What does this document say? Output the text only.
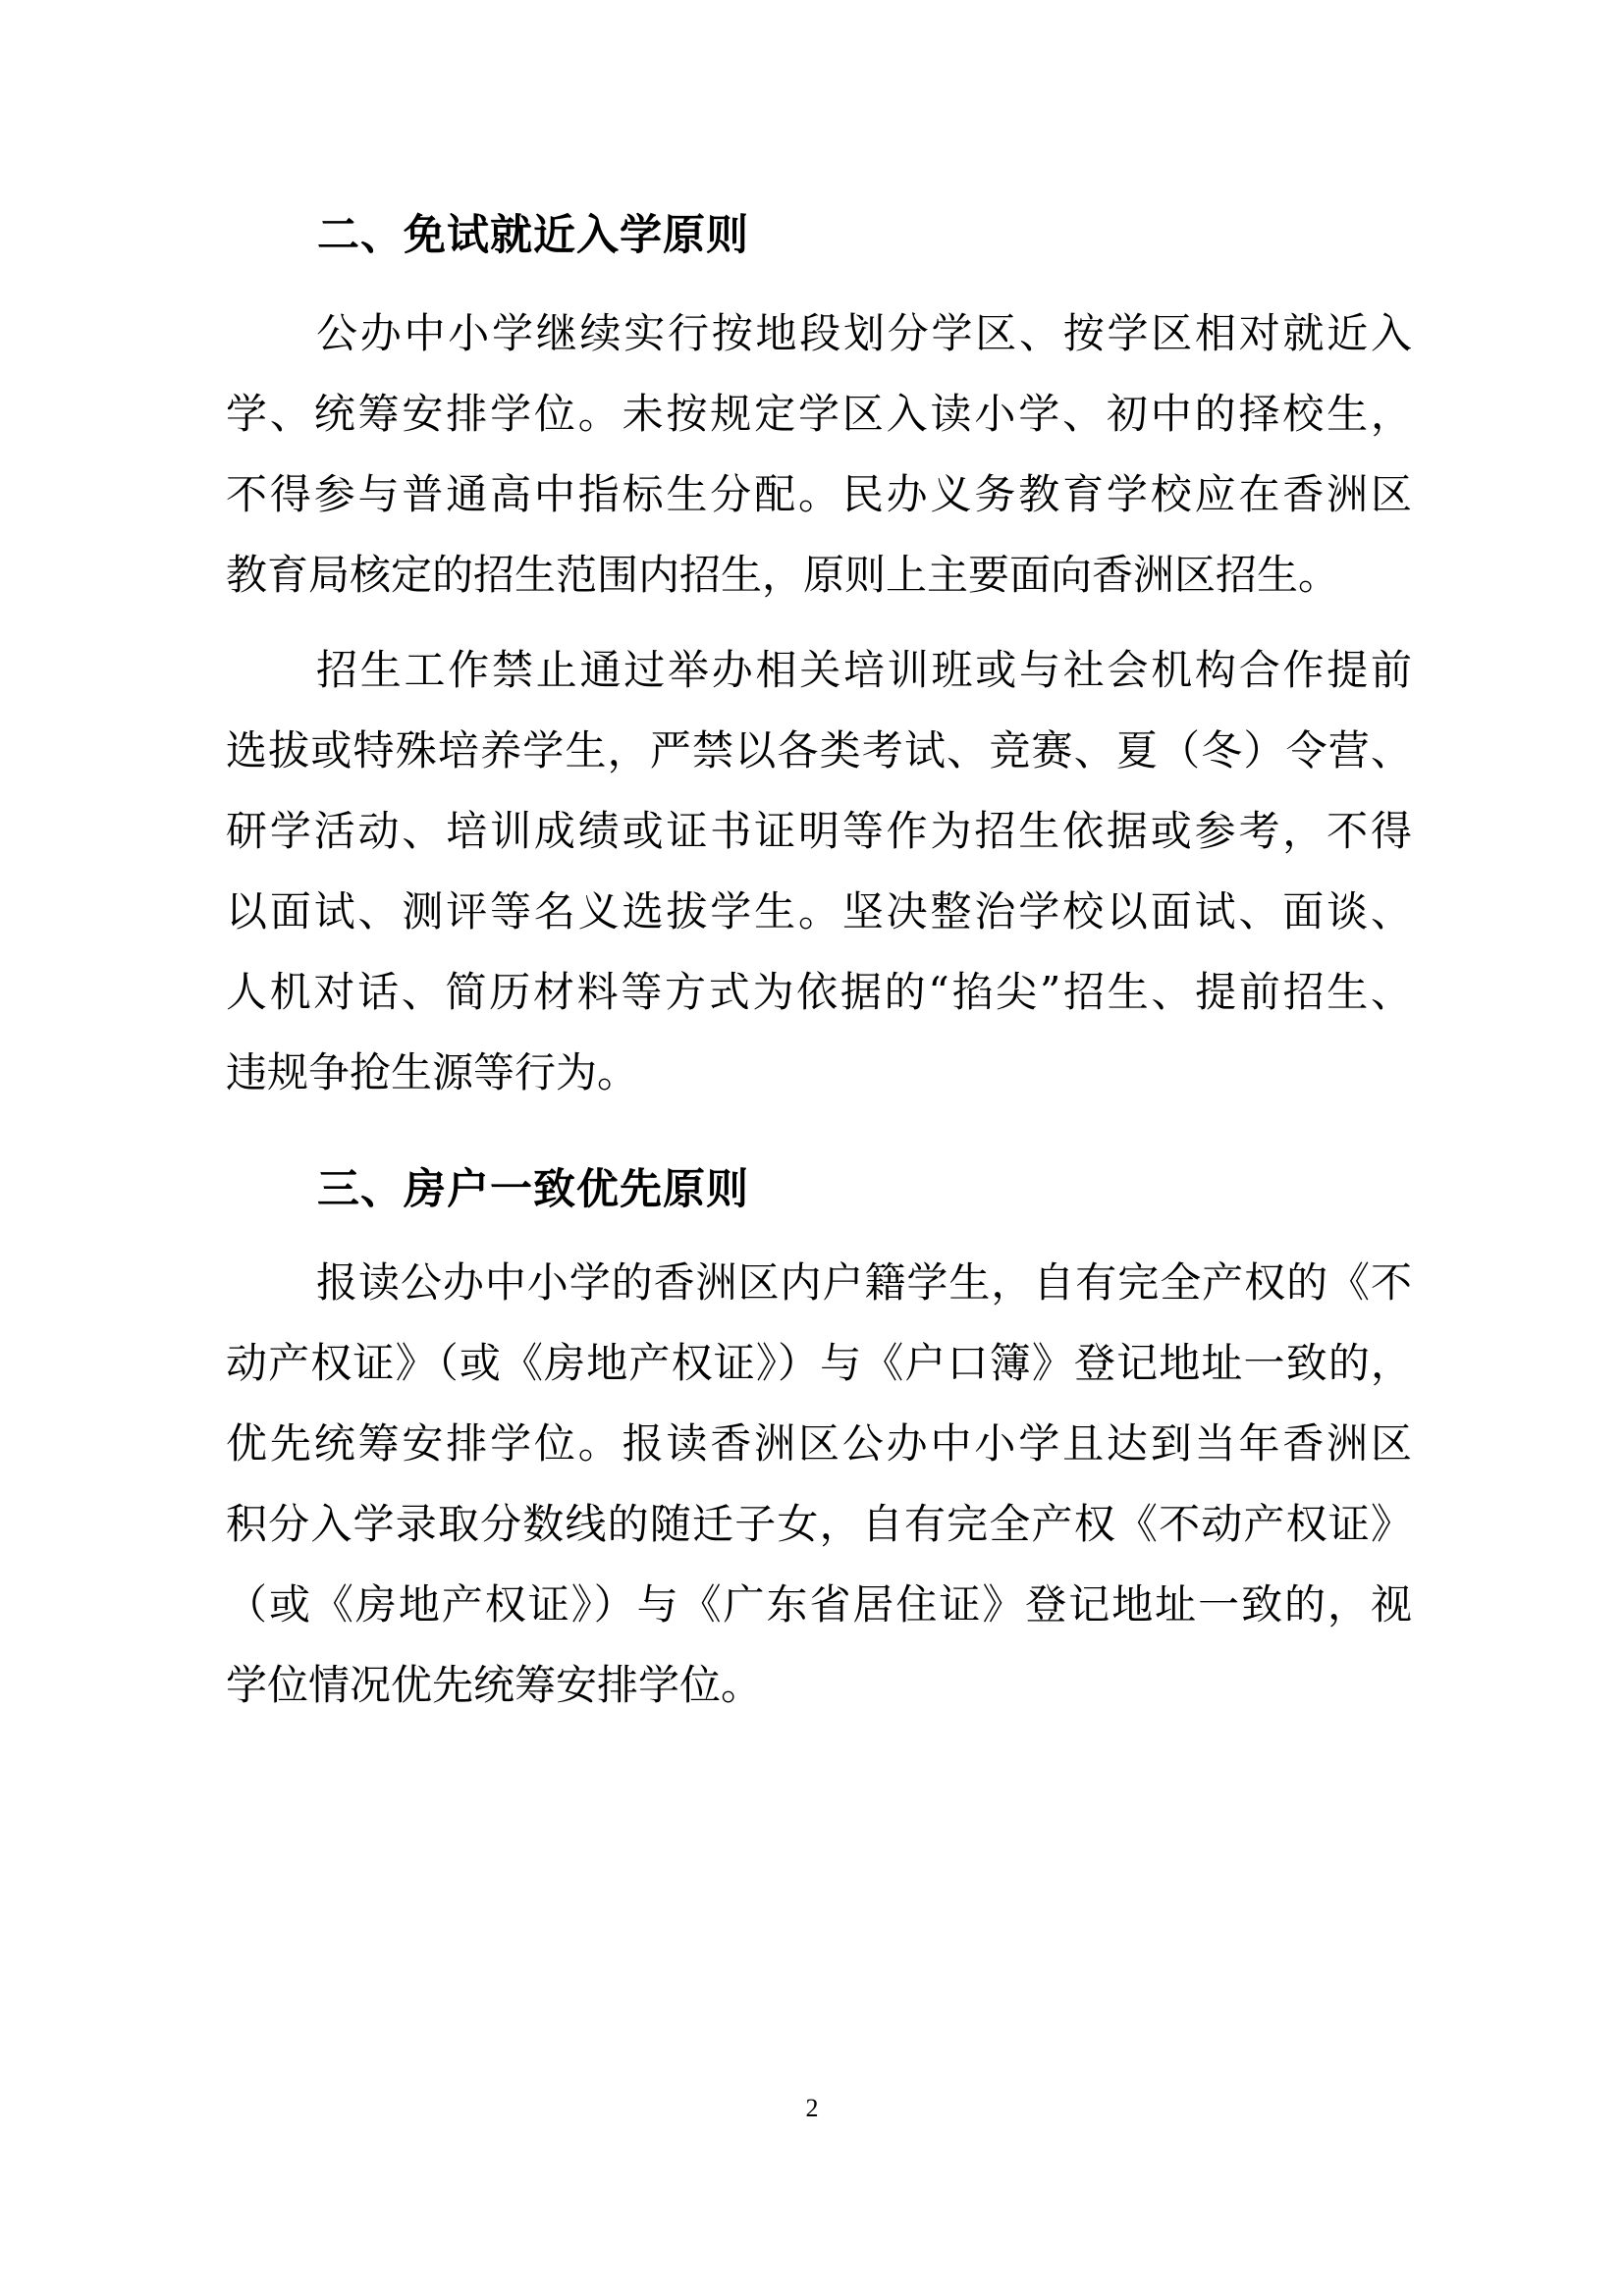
二、免试就近入学原则
公办中小学继续实行按地段划分学区、按学区相对就近入
学、统筹安排学位。未按规定学区入读小学、初中的择校生，
不得参与普通高中指标生分配。民办义务教育学校应在香洲区
教育局核定的招生范围内招生，原则上主要面向香洲区招生。
招生工作禁止通过举办相关培训班或与社会机构合作提前
选拔或特殊培养学生，严禁以各类考试、竞赛、夏（冬）令营、
研学活动、培训成绩或证书证明等作为招生依据或参考，不得
以面试、测评等名义选拔学生。坚决整治学校以面试、面谈、
人机对话、简历材料等方式为依据的“掐尖”招生、提前招生、
违规争抢生源等行为。
三、房户一致优先原则
报读公办中小学的香洲区内户籍学生，自有完全产权的《不
动产权证》（或《房地产权证》）与《户口簿》登记地址一致的，
优先统筹安排学位。报读香洲区公办中小学且达到当年香洲区
积分入学录取分数线的随迁子女，自有完全产权《不动产权证》
（或《房地产权证》）与《广东省居住证》登记地址一致的，视
学位情况优先统筹安排学位。
2
